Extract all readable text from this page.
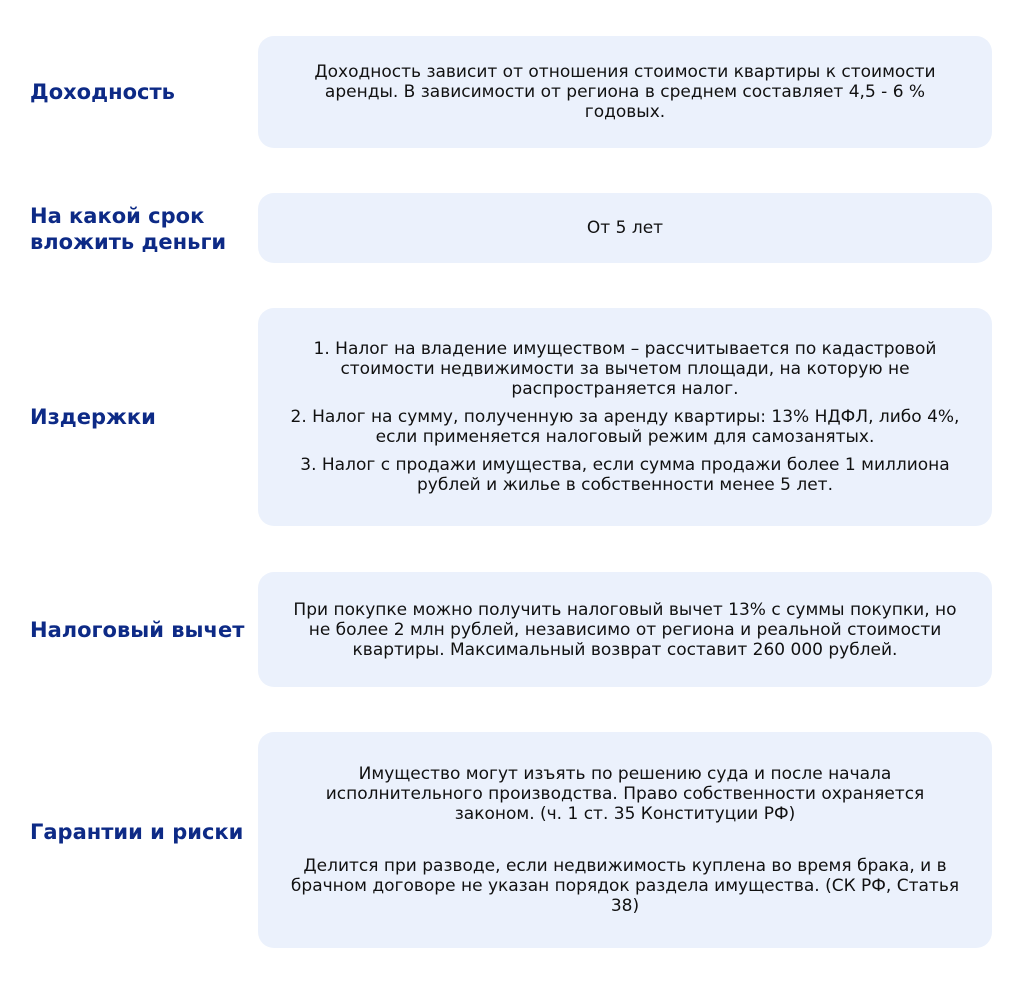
Доходность

Доходность зависит от отношения стоимости квартиры к стоимости аренды. В зависимости от региона в среднем составляет 4,5 - 6 % годовых.

На какой срок вложить деньги

От 5 лет

Издержки

1. Налог на владение имуществом – рассчитывается по кадастровой стоимости недвижимости за вычетом площади, на которую не распространяется налог.

2. Налог на сумму, полученную за аренду квартиры: 13% НДФЛ, либо 4%, если применяется налоговый режим для самозанятых.

3. Налог с продажи имущества, если сумма продажи более 1 миллиона рублей и жилье в собственности менее 5 лет.

Налоговый вычет

При покупке можно получить налоговый вычет 13% с суммы покупки, но не более 2 млн рублей, независимо от региона и реальной стоимости квартиры. Максимальный возврат составит 260 000 рублей.

Гарантии и риски

Имущество могут изъять по решению суда и после начала исполнительного производства. Право собственности охраняется законом. (ч. 1 ст. 35 Конституции РФ)

Делится при разводе, если недвижимость куплена во время брака, и в брачном договоре не указан порядок раздела имущества. (СК РФ, Статья 38)
